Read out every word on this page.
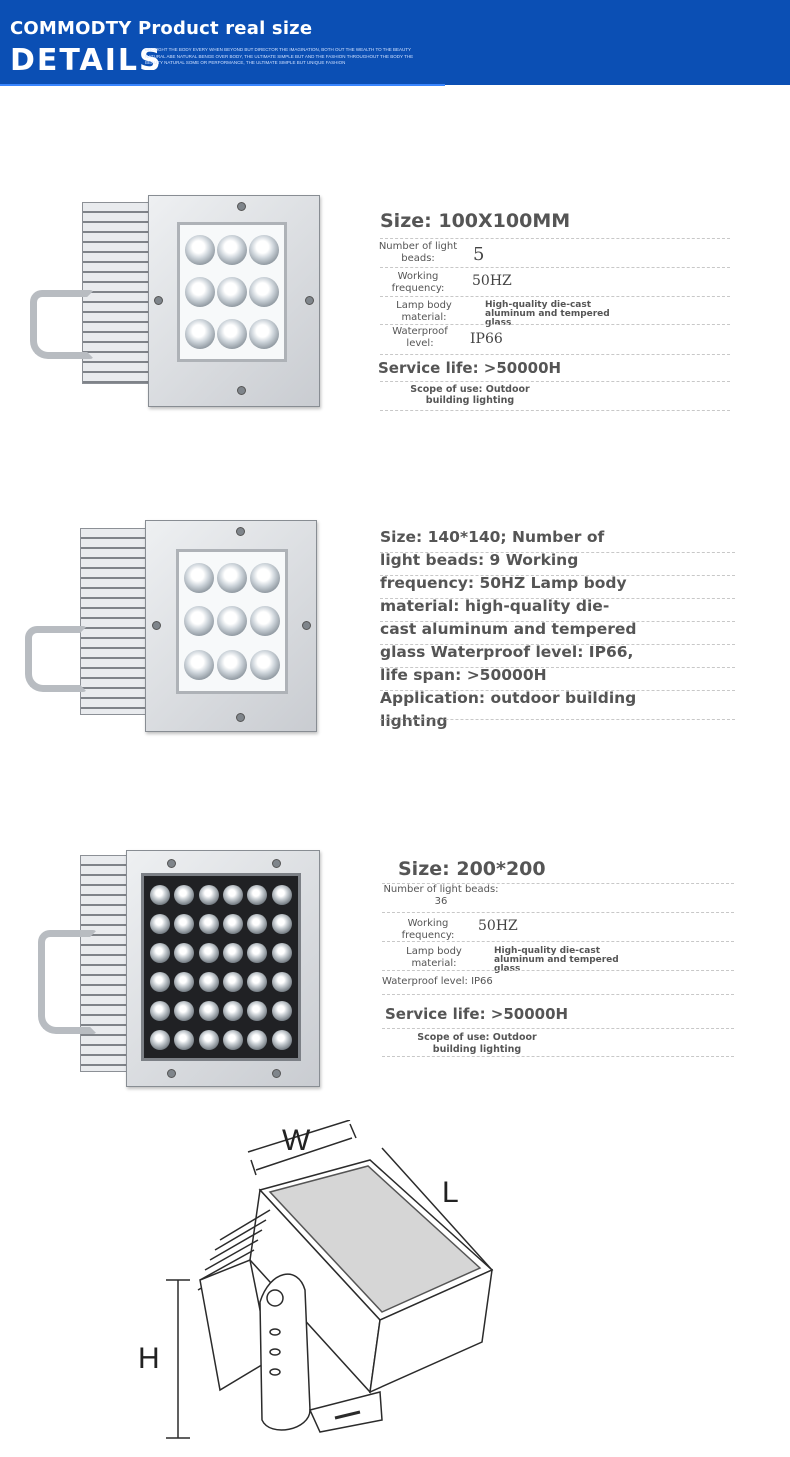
COMMODTY Product real size
DETAILS
BROUGHT THE BODY EVERY WHEN BEYOND BUT DIRECTOR THE IMAGINATION, BOTH OUT THE WEALTH TO THE BEAUTY NATURAL ABE NATURAL BENGE OVER BODY, THE ULTIMATE SIMPLE BUT AND THE FASHION THROUGHOUT THE BODY THE BEAUTY NATURAL SOME OR PERFORMANCE, THE ULTIMATE SIMPLE BUT UNIQUE FASHION
Size: 100X100MM
Number of light beads:	5
Working frequency:	50HZ
Lamp body material:
High-quality die-cast aluminum and tempered glass
Waterproof level:	IP66
Service life: >50000H
Scope of use: Outdoor building lighting
Size: 140*140; Number of light beads: 9 Working frequency: 50HZ Lamp body material: high-quality die-cast aluminum and tempered glass Waterproof level: IP66, life span: >50000H Application: outdoor building lighting
Size: 200*200
Number of light beads: 36
Working frequency:
50HZ
Lamp body material:
High-quality die-cast aluminum and tempered glass
Waterproof level: IP66
Service life: >50000H
Scope of use: Outdoor building lighting
W
L
H
